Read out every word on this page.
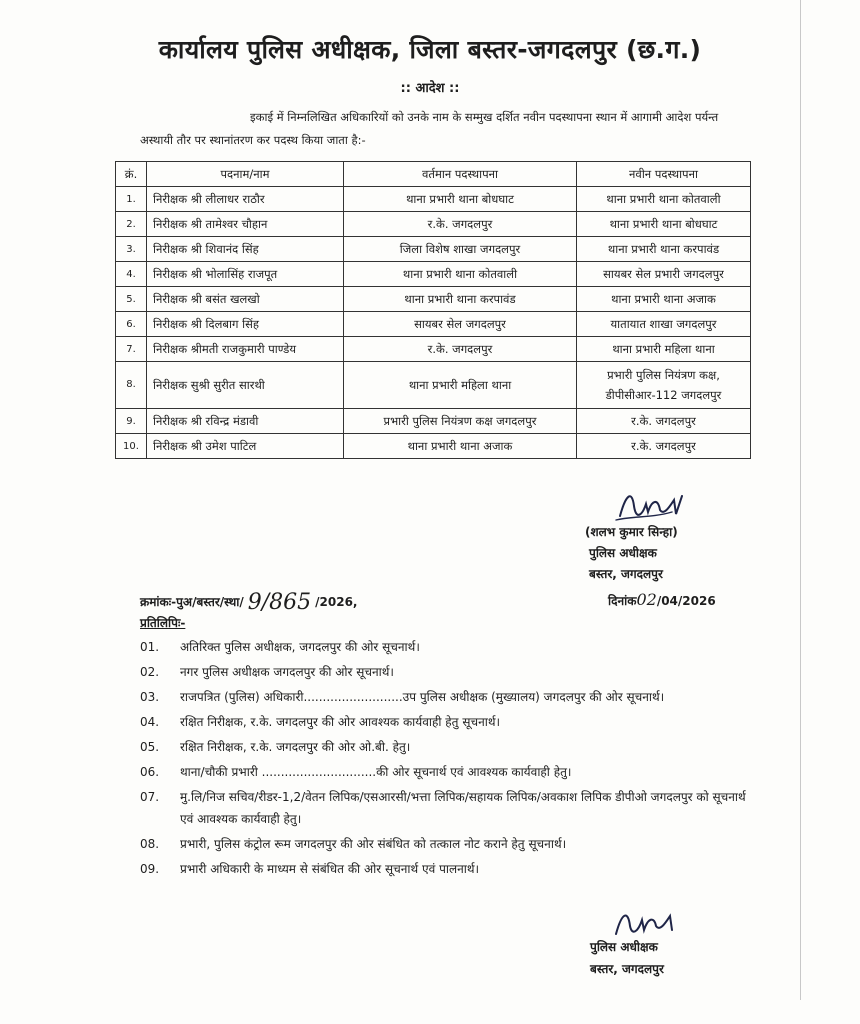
कार्यालय पुलिस अधीक्षक, जिला बस्तर-जगदलपुर (छ.ग.)
:: आदेश ::
इकाई में निम्नलिखित अधिकारियों को उनके नाम के सम्मुख दर्शित नवीन पदस्थापना स्थान में आगामी आदेश पर्यन्त अस्थायी तौर पर स्थानांतरण कर पदस्थ किया जाता है:-
क्रं.	पदनाम/नाम	वर्तमान पदस्थापना	नवीन पदस्थापना
1.	निरीक्षक श्री लीलाधर राठौर	थाना प्रभारी थाना बोधघाट	थाना प्रभारी थाना कोतवाली
2.	निरीक्षक श्री तामेश्वर चौहान	र.के. जगदलपुर	थाना प्रभारी थाना बोधघाट
3.	निरीक्षक श्री शिवानंद सिंह	जिला विशेष शाखा जगदलपुर	थाना प्रभारी थाना करपावंड
4.	निरीक्षक श्री भोलासिंह राजपूत	थाना प्रभारी थाना कोतवाली	सायबर सेल प्रभारी जगदलपुर
5.	निरीक्षक श्री बसंत खलखो	थाना प्रभारी थाना करपावंड	थाना प्रभारी थाना अजाक
6.	निरीक्षक श्री दिलबाग सिंह	सायबर सेल जगदलपुर	यातायात शाखा जगदलपुर
7.	निरीक्षक श्रीमती राजकुमारी पाण्डेय	र.के. जगदलपुर	थाना प्रभारी महिला थाना
8.	निरीक्षक सुश्री सुरीत सारथी	थाना प्रभारी महिला थाना	प्रभारी पुलिस नियंत्रण कक्ष,
डीपीसीआर-112 जगदलपुर

9.	निरीक्षक श्री रविन्द्र मंडावी	प्रभारी पुलिस नियंत्रण कक्ष जगदलपुर	र.के. जगदलपुर
10.	निरीक्षक श्री उमेश पाटिल	थाना प्रभारी थाना अजाक	र.के. जगदलपुर
(शलभ कुमार सिन्हा)
पुलिस अधीक्षक
बस्तर, जगदलपुर
क्रमांकः-पुअ/बस्तर/स्था/ 9/865 /2026,	दिनांक02/04/2026
प्रतिलिपिः-
01.	अतिरिक्त पुलिस अधीक्षक, जगदलपुर की ओर सूचनार्थ।
02.	नगर पुलिस अधीक्षक जगदलपुर की ओर सूचनार्थ।
03.	राजपत्रित (पुलिस) अधिकारी..........................उप पुलिस अधीक्षक (मुख्यालय) जगदलपुर की ओर सूचनार्थ।
04.	रक्षित निरीक्षक, र.के. जगदलपुर की ओर आवश्यक कार्यवाही हेतु सूचनार्थ।
05.	रक्षित निरीक्षक, र.के. जगदलपुर की ओर ओ.बी. हेतु।
06.	थाना/चौकी प्रभारी ..............................की ओर सूचनार्थ एवं आवश्यक कार्यवाही हेतु।
07.	मु.लि/निज सचिव/रीडर-1,2/वेतन लिपिक/एसआरसी/भत्ता लिपिक/सहायक लिपिक/अवकाश लिपिक डीपीओ जगदलपुर को सूचनार्थ एवं आवश्यक कार्यवाही हेतु।
08.	प्रभारी, पुलिस कंट्रोल रूम जगदलपुर की ओर संबंधित को तत्काल नोट कराने हेतु सूचनार्थ।
09.	प्रभारी अधिकारी के माध्यम से संबंधित की ओर सूचनार्थ एवं पालनार्थ।
पुलिस अधीक्षक
बस्तर, जगदलपुर
